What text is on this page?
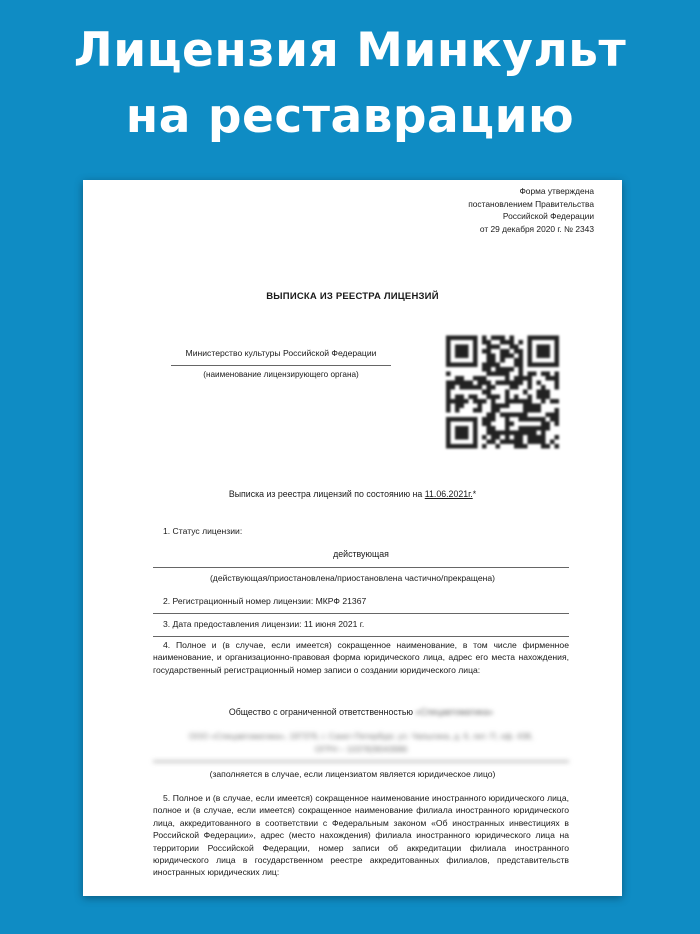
Лицензия Минкульт
на реставрацию
Форма утверждена
постановлением Правительства
Российской Федерации
от 29 декабря 2020 г. № 2343
ВЫПИСКА ИЗ РЕЕСТРА ЛИЦЕНЗИЙ
Министерство культуры Российской Федерации
(наименование лицензирующего органа)
Выписка из реестра лицензий по состоянию на 11.06.2021г.*
1. Статус лицензии:
действующая
(действующая/приостановлена/приостановлена частично/прекращена)
2. Регистрационный номер лицензии: МКРФ 21367
3. Дата предоставления лицензии: 11 июня 2021 г.
4. Полное и (в случае, если имеется) сокращенное наименование, в том числе фирменное наименование, и организационно-правовая форма юридического лица, адрес его места нахождения, государственный регистрационный номер записи о создании юридического лица:
Общество с ограниченной ответственностью «Спецавтоматика»
ООО «Спецавтоматика», 197376, г. Санкт-Петербург, ул. Чапыгина, д. 6, лит. П, оф. 438,
ОГРН – 1037828043986
(заполняется в случае, если лицензиатом является юридическое лицо)
5. Полное и (в случае, если имеется) сокращенное наименование иностранного юридического лица, полное и (в случае, если имеется) сокращенное наименование филиала иностранного юридического лица, аккредитованного в соответствии с Федеральным законом «Об иностранных инвестициях в Российской Федерации», адрес (место нахождения) филиала иностранного юридического лица на территории Российской Федерации, номер записи об аккредитации филиала иностранного юридического лица в государственном реестре аккредитованных филиалов, представительств иностранных юридических лиц:
